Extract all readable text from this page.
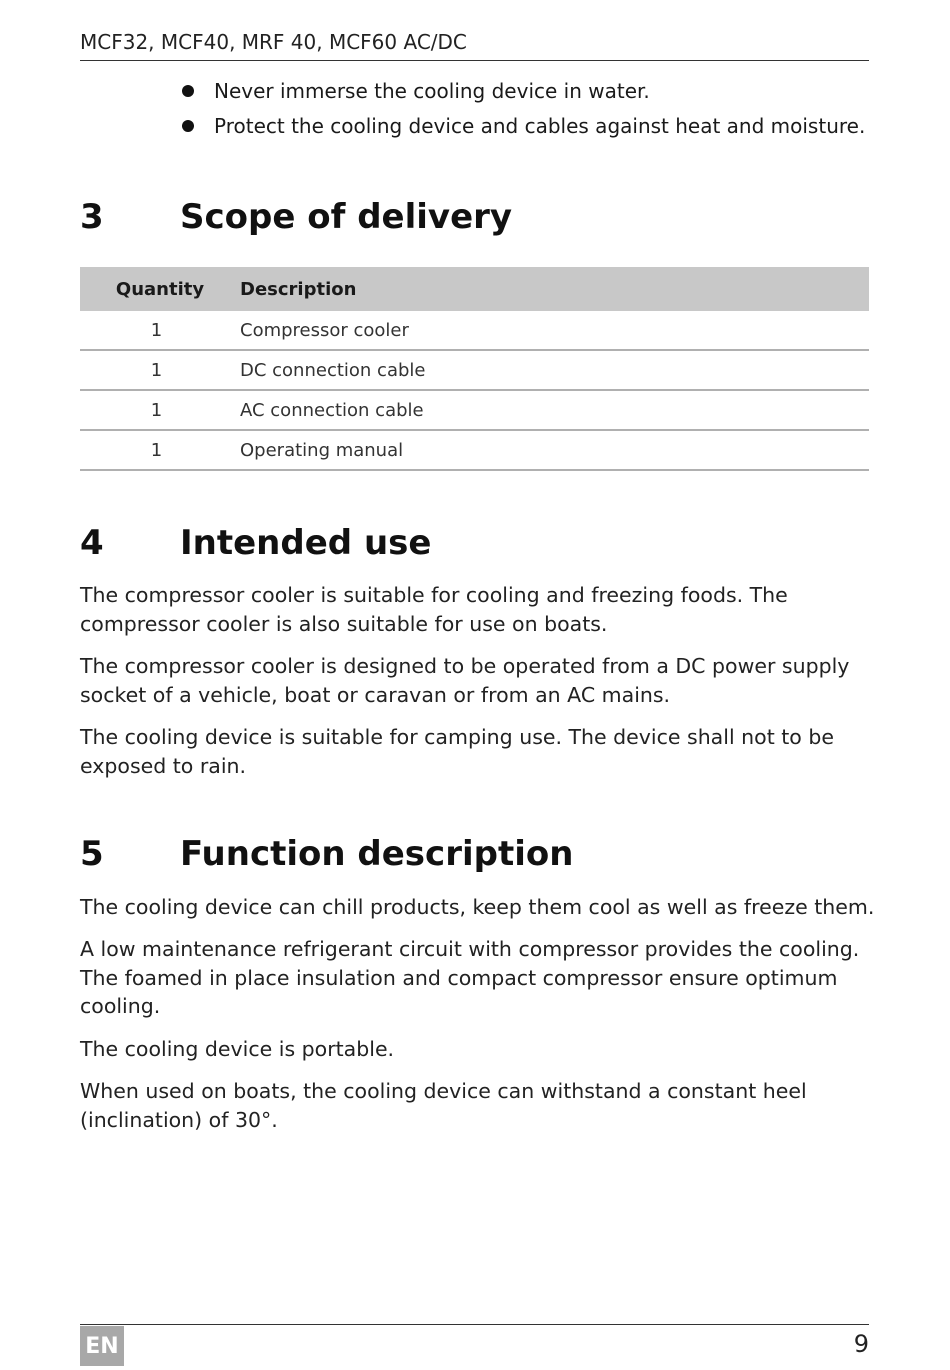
MCF32, MCF40, MRF 40, MCF60 AC/DC
Never immerse the cooling device in water.
Protect the cooling device and cables against heat and moisture.
3 Scope of delivery
Quantity	Description
1	Compressor cooler
1	DC connection cable
1	AC connection cable
1	Operating manual
4 Intended use
The compressor cooler is suitable for cooling and freezing foods. The compressor cooler is also suitable for use on boats.
The compressor cooler is designed to be operated from a DC power supply socket of a vehicle, boat or caravan or from an AC mains.
The cooling device is suitable for camping use. The device shall not to be exposed to rain.
5 Function description
The cooling device can chill products, keep them cool as well as freeze them.
A low maintenance refrigerant circuit with compressor provides the cooling. The foamed in place insulation and compact compressor ensure optimum cooling.
The cooling device is portable.
When used on boats, the cooling device can withstand a constant heel (inclination) of 30°.
EN	9
